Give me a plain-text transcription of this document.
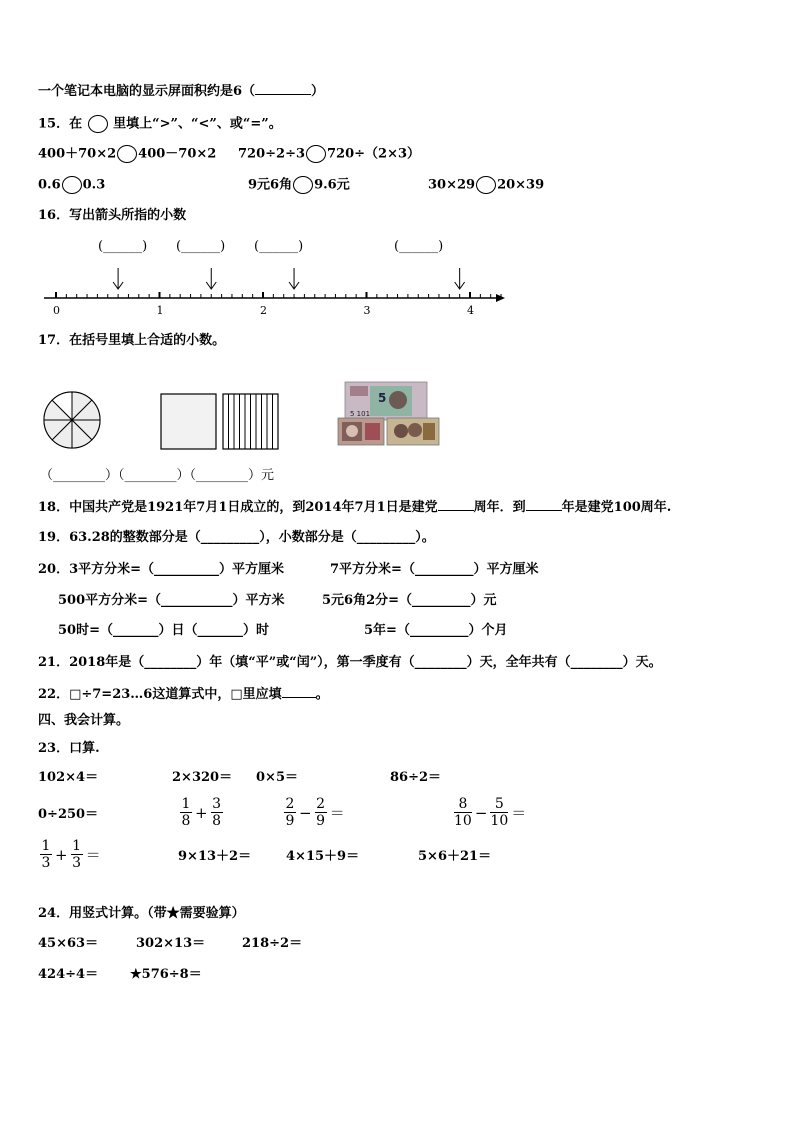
一个笔记本电脑的显示屏面积约是6（	）
15．在 里填上“>”、“<”、或“=”。
400＋70×2 400－70×2 720÷2÷3 720÷（2×3）
0.6 0.3	9元6角 9.6元	30×29 20×39
16．写出箭头所指的小数
(______) (______) (______)	(______)
0	1	2	3	4
17．在括号里填上合适的小数。
5
5 101
（________）（________）（________）元
18．中国共产党是1921年7月1日成立的，到2014年7月1日是建党	周年．到	年是建党100周年.
19．63.28的整数部分是（_________），小数部分是（_________）。
20．3平方分米=（__________）平方厘米	7平方分米=（_________）平方厘米
500平方分米=（___________）平方米	5元6角2分=（_________）元
50时=（_______）日（_______）时	5年=（_________）个月
21．2018年是（________）年（填“平”或“闰”），第一季度有（________）天，全年共有（________）天。
22．□÷7=23…6这道算式中，□里应填	。
四、我会计算。
23．口算.
102×4＝	2×320＝ 0×5＝	86÷2＝
0÷250＝	$\frac{1}{8} + \frac{3}{8}$	$\frac{2}{9} - \frac{2}{9}$ ＝	$\frac{8}{10} - \frac{5}{10}$ ＝
$\frac{1}{3} + \frac{1}{3}$ ＝	9×13＋2＝	4×15＋9＝	5×6＋21＝
24．用竖式计算。（带★需要验算）
45×63＝	302×13＝	218÷2＝
424÷4＝ ★576÷8＝
